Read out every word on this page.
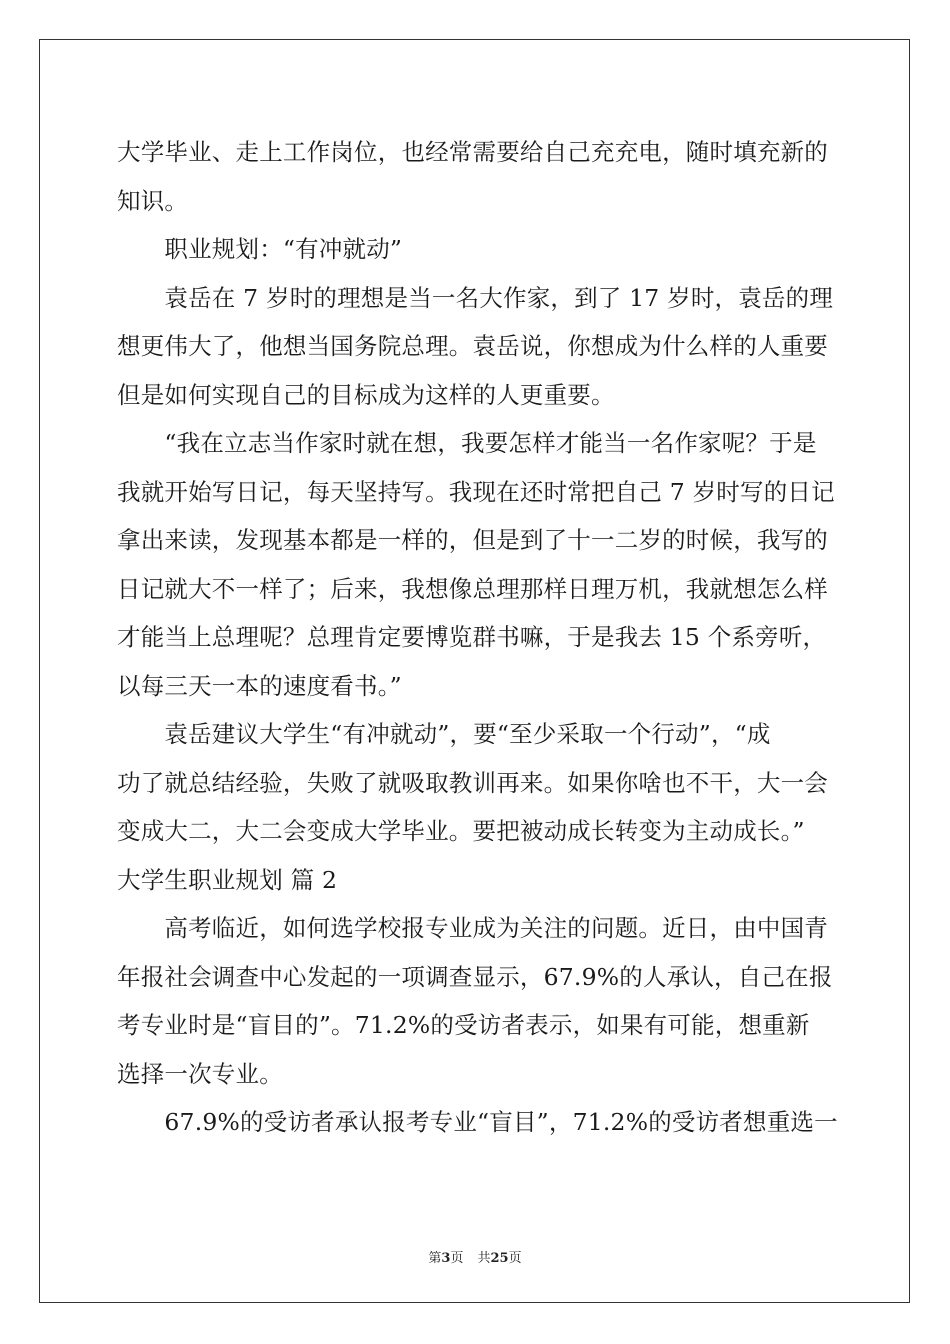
大学毕业、走上工作岗位，也经常需要给自己充充电，随时填充新的
知识。
　　职业规划：“有冲就动”
　　袁岳在 7 岁时的理想是当一名大作家，到了 17 岁时，袁岳的理
想更伟大了，他想当国务院总理。袁岳说，你想成为什么样的人重要
但是如何实现自己的目标成为这样的人更重要。
　　“我在立志当作家时就在想，我要怎样才能当一名作家呢？于是
我就开始写日记，每天坚持写。我现在还时常把自己 7 岁时写的日记
拿出来读，发现基本都是一样的，但是到了十一二岁的时候，我写的
日记就大不一样了；后来，我想像总理那样日理万机，我就想怎么样
才能当上总理呢？总理肯定要博览群书嘛，于是我去 15 个系旁听，
以每三天一本的速度看书。”
　　袁岳建议大学生“有冲就动”，要“至少采取一个行动”，“成
功了就总结经验，失败了就吸取教训再来。如果你啥也不干，大一会
变成大二，大二会变成大学毕业。要把被动成长转变为主动成长。”
大学生职业规划 篇 2
　　高考临近，如何选学校报专业成为关注的问题。近日，由中国青
年报社会调查中心发起的一项调查显示，67.9%的人承认，自己在报
考专业时是“盲目的”。71.2%的受访者表示，如果有可能，想重新
选择一次专业。
　　67.9%的受访者承认报考专业“盲目”，71.2%的受访者想重选一
第3页 共25页
